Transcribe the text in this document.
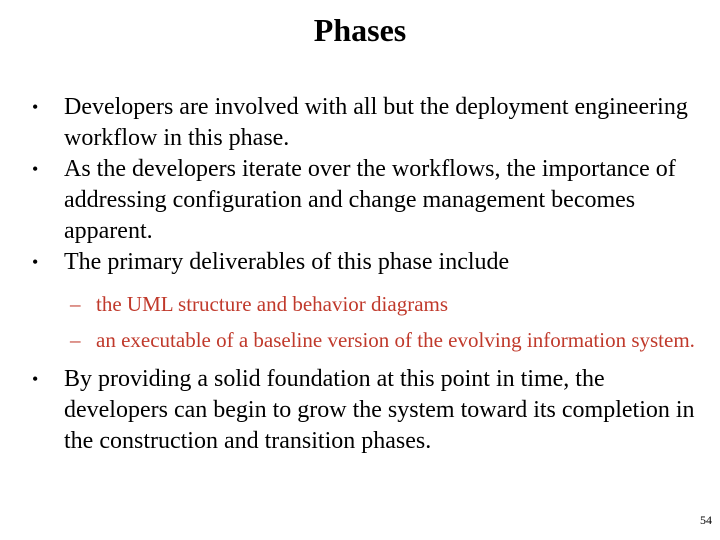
Phases
• Developers are involved with all but the deployment engineering workflow in this phase.
• As the developers iterate over the workflows, the importance of addressing configuration and change management becomes apparent.
• The primary deliverables of this phase include
– the UML structure and behavior diagrams
– an executable of a baseline version of the evolving information system.
• By providing a solid foundation at this point in time, the developers can begin to grow the system toward its completion in the construction and transition phases.
54
